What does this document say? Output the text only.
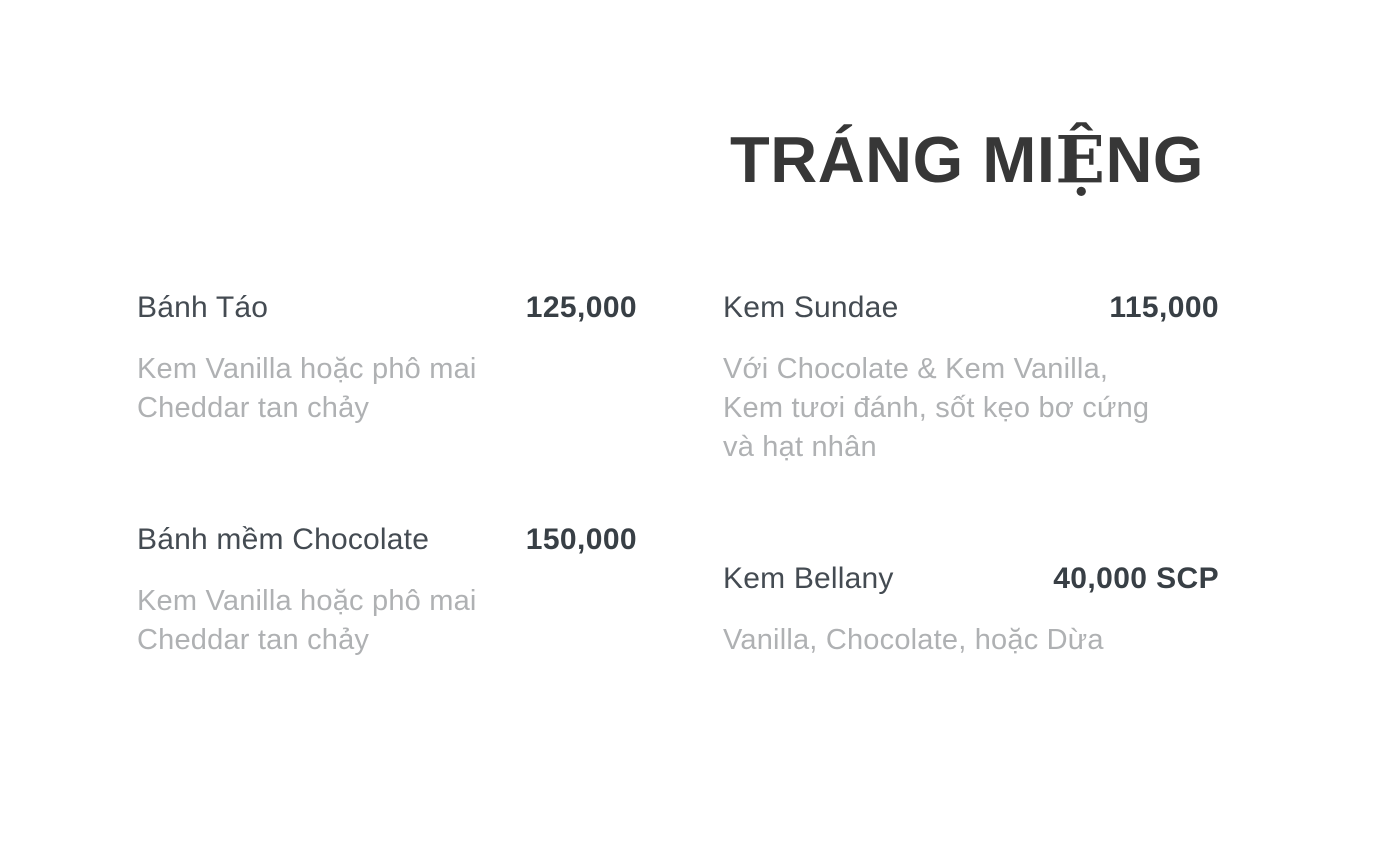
TRÁNG MIỆNG
Bánh Táo	125,000
Kem Vanilla hoặc phô mai
Cheddar tan chảy
Bánh mềm Chocolate	150,000
Kem Vanilla hoặc phô mai
Cheddar tan chảy
Kem Sundae	115,000
Với Chocolate & Kem Vanilla,
Kem tươi đánh, sốt kẹo bơ cứng
và hạt nhân
Kem Bellany	40,000 SCP
Vanilla, Chocolate, hoặc Dừa
